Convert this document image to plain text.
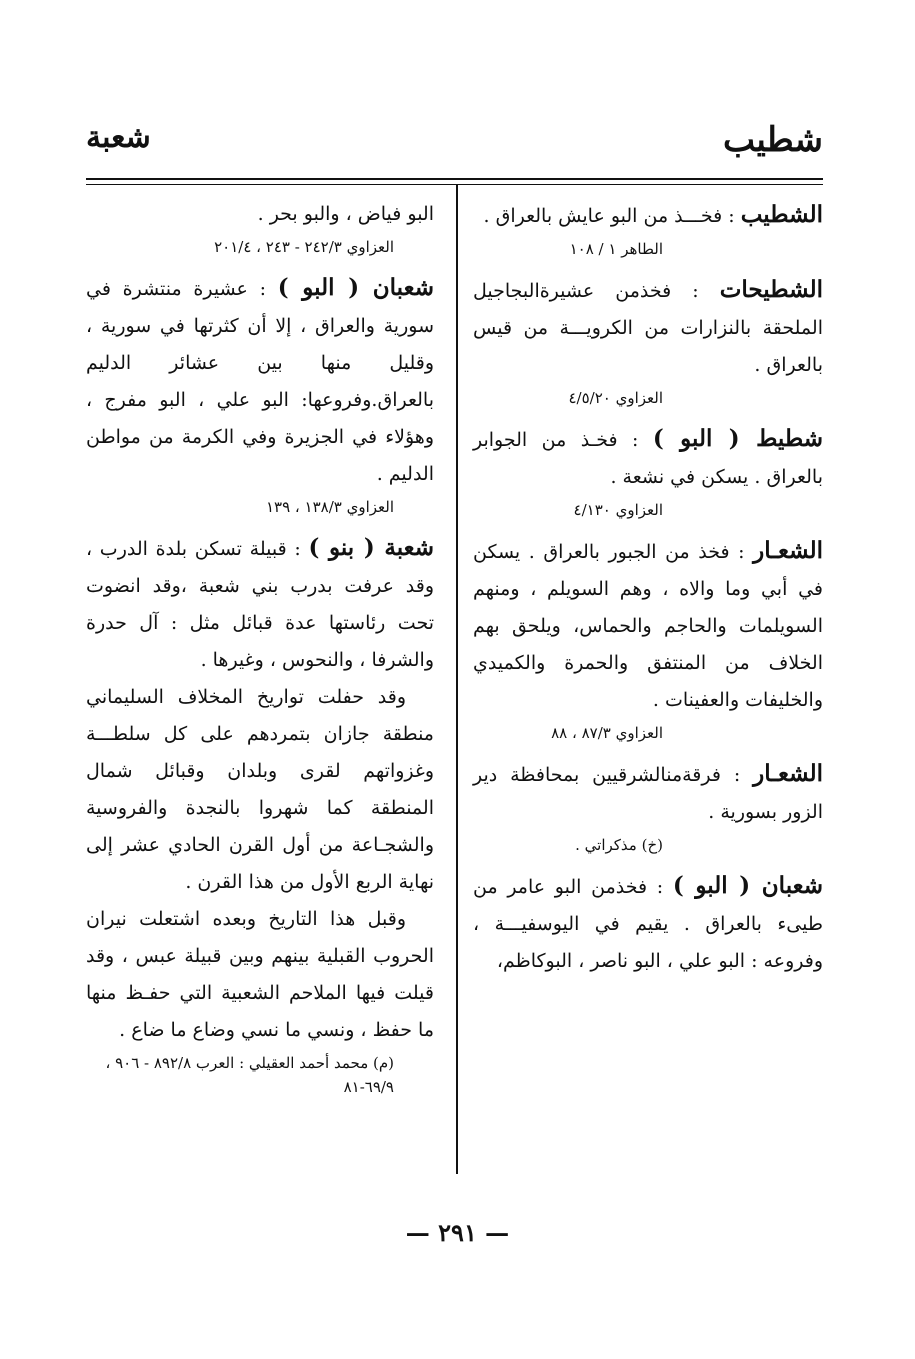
شطيب
شعبة

الشطيب : فخـــذ من البو عايش بالعراق .

الطاهر ١ / ١٠٨

الشطيحات : فخذمن عشيرةالبجاجيل الملحقة بالنزارات من الكرويـــة من قيس بالعراق .

العزاوي ٤/٥/٢٠

شطيط ( البو ) : فخـذ من الجوابر بالعراق . يسكن في نشعة .

العزاوي ٤/١٣٠

الشعـار : فخذ من الجبور بالعراق . يسكن في أبي وما والاه ، وهم السويلم ، ومنهم السويلمات والحاجم والحماس، ويلحق بهم الخلاف من المنتفق والحمرة والكميدي والخليفات والعفينات .

العزاوي ٨٧/٣ ، ٨٨

الشعـار : فرقةمنالشرقيين بمحافظة دير الزور بسورية .

(خ) مذكراتي .

شعبان ( البو ) : فخذمن البو عامر من طيىء بالعراق . يقيم في اليوسفيـــة ، وفروعه : البو علي ، البو ناصر ، البوكاظم،

البو فياض ، والبو بحر .

العزاوي ٢٤٢/٣ - ٢٤٣ ، ٢٠١/٤

شعبان ( البو ) : عشيرة منتشرة في سورية والعراق ، إلا أن كثرتها في سورية ، وقليل منها بين عشائر الدليم بالعراق.وفروعها: البو علي ، البو مفرج ، وهؤلاء في الجزيرة وفي الكرمة من مواطن الدليم .

العزاوي ١٣٨/٣ ، ١٣٩

شعبة ( بنو ) : قبيلة تسكن بلدة الدرب ، وقد عرفت بدرب بني شعبة ،وقد انضوت تحت رئاستها عدة قبائل مثل : آل حدرة والشرفا ، والنحوس ، وغيرها .

وقد حفلت تواريخ المخلاف السليماني منطقة جازان بتمردهم على كل سلطـــة وغزواتهم لقرى وبلدان وقبائل شمال المنطقة كما شهروا بالنجدة والفروسية والشجـاعة من أول القرن الحادي عشر إلى نهاية الربع الأول من هذا القرن .

وقبل هذا التاريخ وبعده اشتعلت نيران الحروب القبلية بينهم وبين قبيلة عبس ، وقد قيلت فيها الملاحم الشعبية التي حفـظ منها ما حفظ ، ونسي ما نسي وضاع ما ضاع .

(م) محمد أحمد العقيلي : العرب ٨٩٢/٨ - ٩٠٦ ، ٦٩/٩-٨١

— ٢٩١ —
